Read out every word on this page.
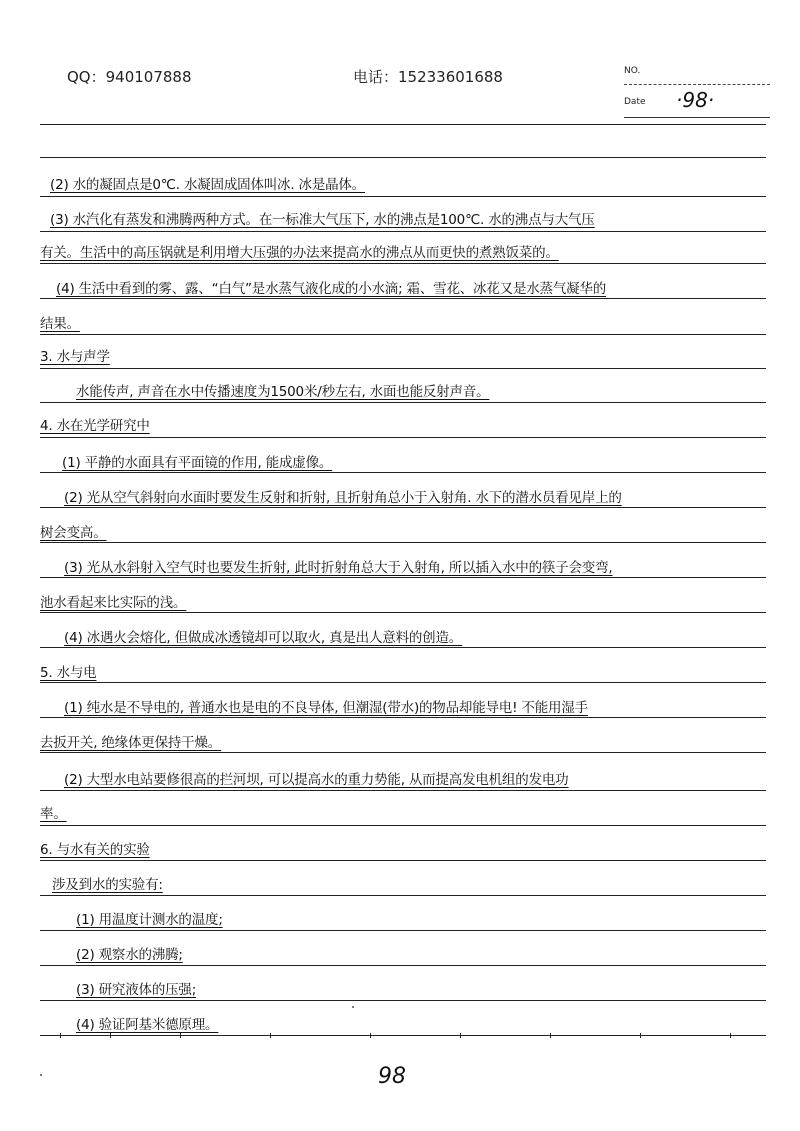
QQ：940107888	电话：15233601688	NO.
Date ·98·
(2) 水的凝固点是0℃. 水凝固成固体叫冰. 冰是晶体。
(3) 水汽化有蒸发和沸腾两种方式。在一标准大气压下, 水的沸点是100℃. 水的沸点与大气压
有关。生活中的高压锅就是利用增大压强的办法来提高水的沸点从而更快的煮熟饭菜的。
(4) 生活中看到的雾、露、“白气”是水蒸气液化成的小水滴; 霜、雪花、冰花又是水蒸气凝华的
结果。
3. 水与声学
水能传声, 声音在水中传播速度为1500米/秒左右, 水面也能反射声音。
4. 水在光学研究中
(1) 平静的水面具有平面镜的作用, 能成虚像。
(2) 光从空气斜射向水面时要发生反射和折射, 且折射角总小于入射角. 水下的潜水员看见岸上的
树会变高。
(3) 光从水斜射入空气时也要发生折射, 此时折射角总大于入射角, 所以插入水中的筷子会变弯,
池水看起来比实际的浅。
(4) 冰遇火会熔化, 但做成冰透镜却可以取火, 真是出人意料的创造。
5. 水与电
(1) 纯水是不导电的, 普通水也是电的不良导体, 但潮湿(带水)的物品却能导电! 不能用湿手
去扳开关, 绝缘体更保持干燥。
(2) 大型水电站要修很高的拦河坝, 可以提高水的重力势能, 从而提高发电机组的发电功
率。
6. 与水有关的实验
涉及到水的实验有:
(1) 用温度计测水的温度;
(2) 观察水的沸腾;
(3) 研究液体的压强;
(4) 验证阿基米德原理。
98
